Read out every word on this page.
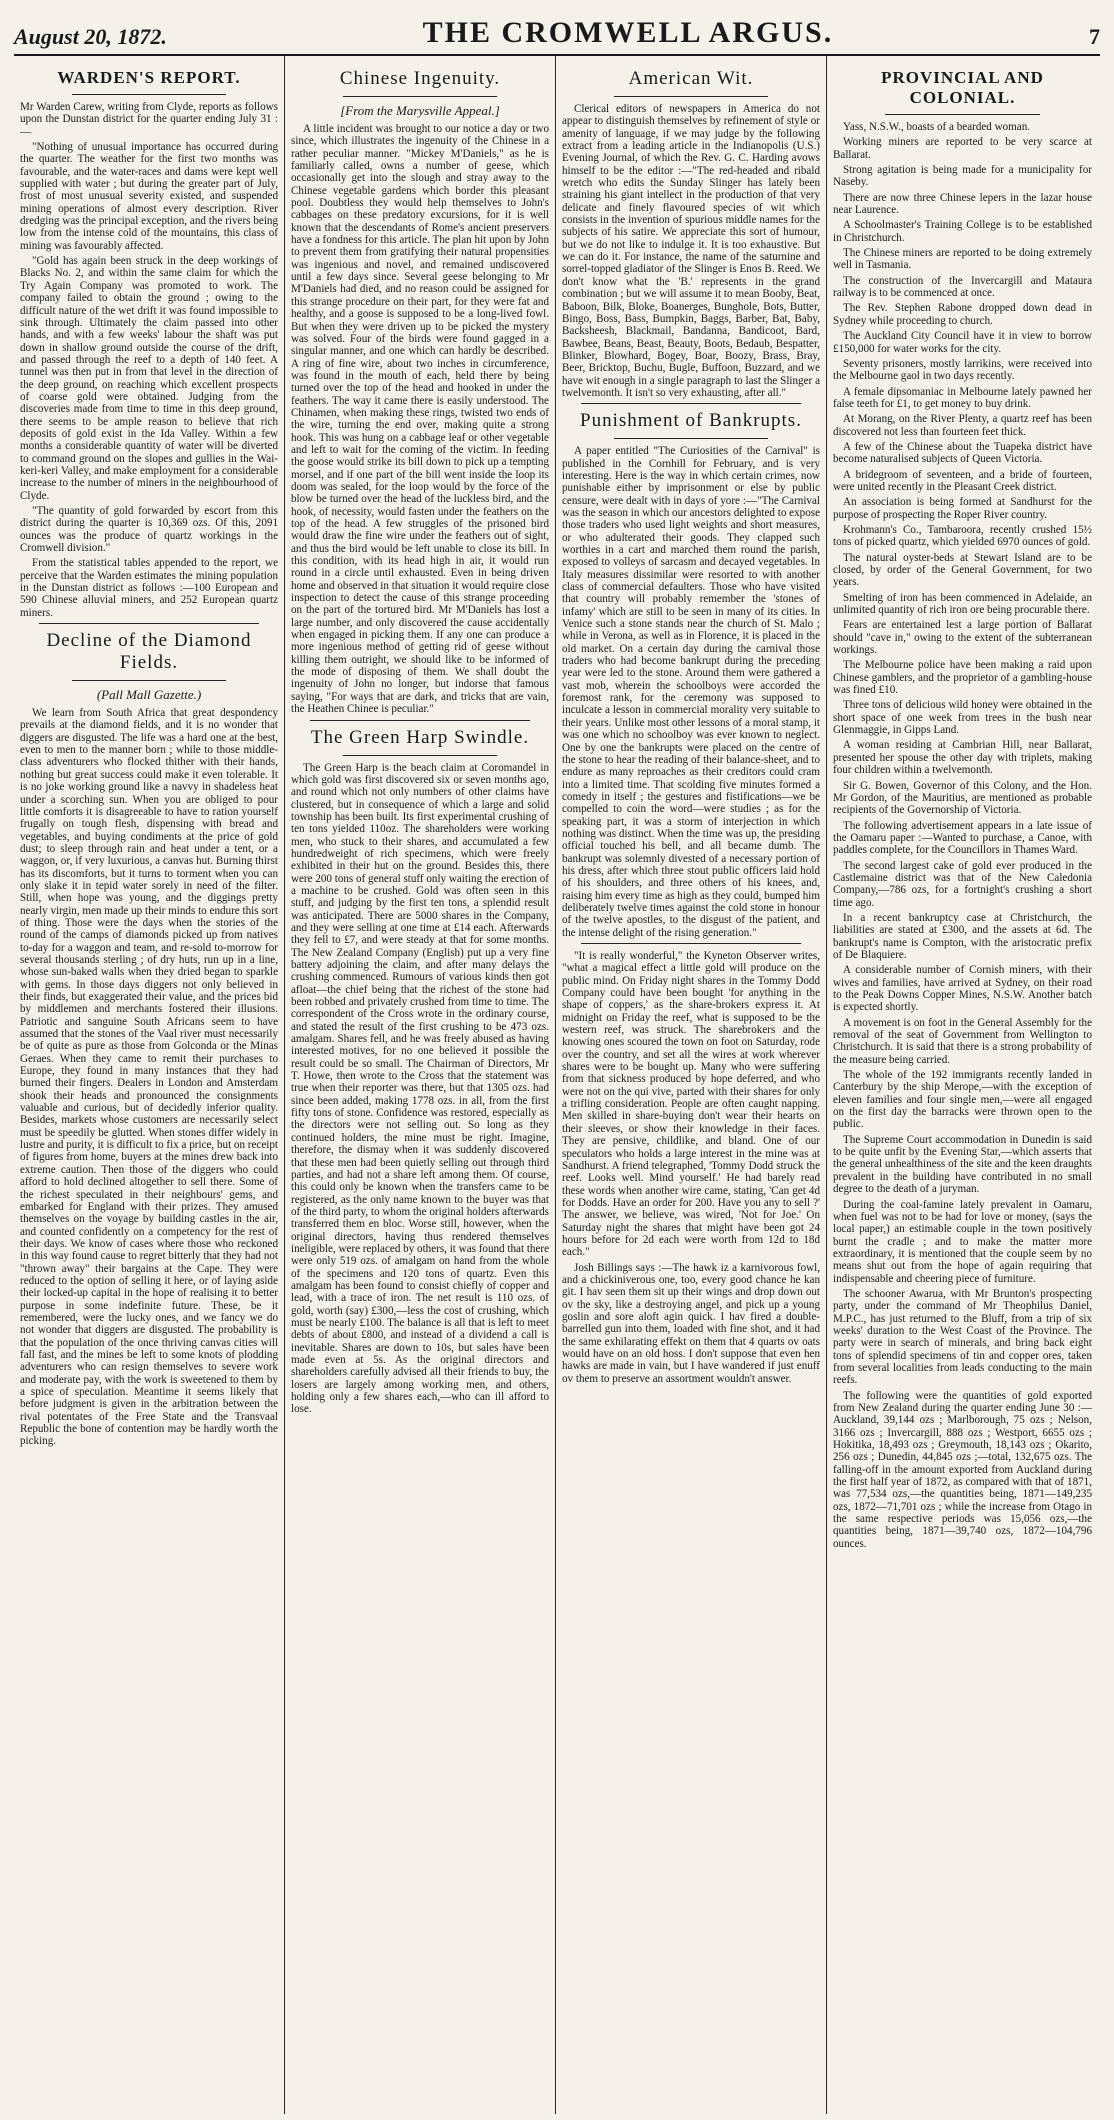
August 20, 1872.	THE CROMWELL ARGUS.	7
WARDEN'S REPORT.

Mr Warden Carew, writing from Clyde, reports as follows upon the Dunstan district for the quarter ending July 31 :—

"Nothing of unusual importance has occurred during the quarter. The weather for the first two months was favourable, and the water-races and dams were kept well supplied with water ; but during the greater part of July, frost of most unusual severity existed, and suspended mining operations of almost every description. River dredging was the principal exception, and the rivers being low from the intense cold of the mountains, this class of mining was favourably affected.

"Gold has again been struck in the deep workings of Blacks No. 2, and within the same claim for which the Try Again Company was promoted to work. The company failed to obtain the ground ; owing to the difficult nature of the wet drift it was found impossible to sink through. Ultimately the claim passed into other hands, and with a few weeks' labour the shaft was put down in shallow ground outside the course of the drift, and passed through the reef to a depth of 140 feet. A tunnel was then put in from that level in the direction of the deep ground, on reaching which excellent prospects of coarse gold were obtained. Judging from the discoveries made from time to time in this deep ground, there seems to be ample reason to believe that rich deposits of gold exist in the Ida Valley. Within a few months a considerable quantity of water will be diverted to command ground on the slopes and gullies in the Wai-keri-keri Valley, and make employment for a considerable increase to the number of miners in the neighbourhood of Clyde.

"The quantity of gold forwarded by escort from this district during the quarter is 10,369 ozs. Of this, 2091 ounces was the produce of quartz workings in the Cromwell division."

From the statistical tables appended to the report, we perceive that the Warden estimates the mining population in the Dunstan district as follows :—100 European and 590 Chinese alluvial miners, and 252 European quartz miners.

Decline of the Diamond Fields.
(Pall Mall Gazette.)

We learn from South Africa that great despondency prevails at the diamond fields, and it is no wonder that diggers are disgusted. The life was a hard one at the best, even to men to the manner born ; while to those middle-class adventurers who flocked thither with their hands, nothing but great success could make it even tolerable. It is no joke working ground like a navvy in shadeless heat under a scorching sun. When you are obliged to pour little comforts it is disagreeable to have to ration yourself frugally on tough flesh, dispensing with bread and vegetables, and buying condiments at the price of gold dust; to sleep through rain and heat under a tent, or a waggon, or, if very luxurious, a canvas hut. Burning thirst has its discomforts, but it turns to torment when you can only slake it in tepid water sorely in need of the filter. Still, when hope was young, and the diggings pretty nearly virgin, men made up their minds to endure this sort of thing. Those were the days when the stories of the round of the camps of diamonds picked up from natives to-day for a waggon and team, and re-sold to-morrow for several thousands sterling ; of dry huts, run up in a line, whose sun-baked walls when they dried began to sparkle with gems. In those days diggers not only believed in their finds, but exaggerated their value, and the prices bid by middlemen and merchants fostered their illusions. Patriotic and sanguine South Africans seem to have assumed that the stones of the Vaal river must necessarily be of quite as pure as those from Golconda or the Minas Geraes. When they came to remit their purchases to Europe, they found in many instances that they had burned their fingers. Dealers in London and Amsterdam shook their heads and pronounced the consignments valuable and curious, but of decidedly inferior quality. Besides, markets whose customers are necessarily select must be speedily be glutted. When stones differ widely in lustre and purity, it is difficult to fix a price, but on receipt of figures from home, buyers at the mines drew back into extreme caution. Then those of the diggers who could afford to hold declined altogether to sell there. Some of the richest speculated in their neighbours' gems, and embarked for England with their prizes. They amused themselves on the voyage by building castles in the air, and counted confidently on a competency for the rest of their days. We know of cases where those who reckoned in this way found cause to regret bitterly that they had not "thrown away" their bargains at the Cape. They were reduced to the option of selling it here, or of laying aside their locked-up capital in the hope of realising it to better purpose in some indefinite future. These, be it remembered, were the lucky ones, and we fancy we do not wonder that diggers are disgusted. The probability is that the population of the once thriving canvas cities will fall fast, and the mines be left to some knots of plodding adventurers who can resign themselves to severe work and moderate pay, with the work is sweetened to them by a spice of speculation. Meantime it seems likely that before judgment is given in the arbitration between the rival potentates of the Free State and the Transvaal Republic the bone of contention may be hardly worth the picking.

Chinese Ingenuity.
[From the Marysville Appeal.]

A little incident was brought to our notice a day or two since, which illustrates the ingenuity of the Chinese in a rather peculiar manner. "Mickey M'Daniels," as he is familiarly called, owns a number of geese, which occasionally get into the slough and stray away to the Chinese vegetable gardens which border this pleasant pool. Doubtless they would help themselves to John's cabbages on these predatory excursions, for it is well known that the descendants of Rome's ancient preservers have a fondness for this article. The plan hit upon by John to prevent them from gratifying their natural propensities was ingenious and novel, and remained undiscovered until a few days since. Several geese belonging to Mr M'Daniels had died, and no reason could be assigned for this strange procedure on their part, for they were fat and healthy, and a goose is supposed to be a long-lived fowl. But when they were driven up to be picked the mystery was solved. Four of the birds were found gagged in a singular manner, and one which can hardly be described. A ring of fine wire, about two inches in circumference, was found in the mouth of each, held there by being turned over the top of the head and hooked in under the feathers. The way it came there is easily understood. The Chinamen, when making these rings, twisted two ends of the wire, turning the end over, making quite a strong hook. This was hung on a cabbage leaf or other vegetable and left to wait for the coming of the victim. In feeding the goose would strike its bill down to pick up a tempting morsel, and if one part of the bill went inside the loop its doom was sealed, for the loop would by the force of the blow be turned over the head of the luckless bird, and the hook, of necessity, would fasten under the feathers on the top of the head. A few struggles of the prisoned bird would draw the fine wire under the feathers out of sight, and thus the bird would be left unable to close its bill. In this condition, with its head high in air, it would run round in a circle until exhausted. Even in being driven home and observed in that situation it would require close inspection to detect the cause of this strange proceeding on the part of the tortured bird. Mr M'Daniels has lost a large number, and only discovered the cause accidentally when engaged in picking them. If any one can produce a more ingenious method of getting rid of geese without killing them outright, we should like to be informed of the mode of disposing of them. We shall doubt the ingenuity of John no longer, but indorse that famous saying, "For ways that are dark, and tricks that are vain, the Heathen Chinee is peculiar."

The Green Harp Swindle.

The Green Harp is the beach claim at Coromandel in which gold was first discovered six or seven months ago, and round which not only numbers of other claims have clustered, but in consequence of which a large and solid township has been built. Its first experimental crushing of ten tons yielded 110oz. The shareholders were working men, who stuck to their shares, and accumulated a few hundredweight of rich specimens, which were freely exhibited in their hut on the ground. Besides this, there were 200 tons of general stuff only waiting the erection of a machine to be crushed. Gold was often seen in this stuff, and judging by the first ten tons, a splendid result was anticipated. There are 5000 shares in the Company, and they were selling at one time at £14 each. Afterwards they fell to £7, and were steady at that for some months. The New Zealand Company (English) put up a very fine battery adjoining the claim, and after many delays the crushing commenced. Rumours of various kinds then got afloat—the chief being that the richest of the stone had been robbed and privately crushed from time to time. The correspondent of the Cross wrote in the ordinary course, and stated the result of the first crushing to be 473 ozs. amalgam. Shares fell, and he was freely abused as having interested motives, for no one believed it possible the result could be so small. The Chairman of Directors, Mr T. Howe, then wrote to the Cross that the statement was true when their reporter was there, but that 1305 ozs. had since been added, making 1778 ozs. in all, from the first fifty tons of stone. Confidence was restored, especially as the directors were not selling out. So long as they continued holders, the mine must be right. Imagine, therefore, the dismay when it was suddenly discovered that these men had been quietly selling out through third parties, and had not a share left among them. Of course, this could only be known when the transfers came to be registered, as the only name known to the buyer was that of the third party, to whom the original holders afterwards transferred them en bloc. Worse still, however, when the original directors, having thus rendered themselves ineligible, were replaced by others, it was found that there were only 519 ozs. of amalgam on hand from the whole of the specimens and 120 tons of quartz. Even this amalgam has been found to consist chiefly of copper and lead, with a trace of iron. The net result is 110 ozs. of gold, worth (say) £300,—less the cost of crushing, which must be nearly £100. The balance is all that is left to meet debts of about £800, and instead of a dividend a call is inevitable. Shares are down to 10s, but sales have been made even at 5s. As the original directors and shareholders carefully advised all their friends to buy, the losers are largely among working men, and others, holding only a few shares each,—who can ill afford to lose.

American Wit.

Clerical editors of newspapers in America do not appear to distinguish themselves by refinement of style or amenity of language, if we may judge by the following extract from a leading article in the Indianopolis (U.S.) Evening Journal, of which the Rev. G. C. Harding avows himself to be the editor :—"The red-headed and ribald wretch who edits the Sunday Slinger has lately been straining his giant intellect in the production of that very delicate and finely flavoured species of wit which consists in the invention of spurious middle names for the subjects of his satire. We appreciate this sort of humour, but we do not like to indulge it. It is too exhaustive. But we can do it. For instance, the name of the saturnine and sorrel-topped gladiator of the Slinger is Enos B. Reed. We don't know what the 'B.' represents in the grand combination ; but we will assume it to mean Booby, Beat, Baboon, Bilk, Bloke, Boanerges, Bunghole, Bots, Butter, Bingo, Boss, Bass, Bumpkin, Baggs, Barber, Bat, Baby, Backsheesh, Blackmail, Bandanna, Bandicoot, Bard, Bawbee, Beans, Beast, Beauty, Boots, Bedaub, Bespatter, Blinker, Blowhard, Bogey, Boar, Boozy, Brass, Bray, Beer, Bricktop, Buchu, Bugle, Buffoon, Buzzard, and we have wit enough in a single paragraph to last the Slinger a twelvemonth. It isn't so very exhausting, after all."

Punishment of Bankrupts.

A paper entitled "The Curiosities of the Carnival" is published in the Cornhill for February, and is very interesting. Here is the way in which certain crimes, now punishable either by imprisonment or else by public censure, were dealt with in days of yore :—"The Carnival was the season in which our ancestors delighted to expose those traders who used light weights and short measures, or who adulterated their goods. They clapped such worthies in a cart and marched them round the parish, exposed to volleys of sarcasm and decayed vegetables. In Italy measures dissimilar were resorted to with another class of commercial defaulters. Those who have visited that country will probably remember the 'stones of infamy' which are still to be seen in many of its cities. In Venice such a stone stands near the church of St. Malo ; while in Verona, as well as in Florence, it is placed in the old market. On a certain day during the carnival those traders who had become bankrupt during the preceding year were led to the stone. Around them were gathered a vast mob, wherein the schoolboys were accorded the foremost rank, for the ceremony was supposed to inculcate a lesson in commercial morality very suitable to their years. Unlike most other lessons of a moral stamp, it was one which no schoolboy was ever known to neglect. One by one the bankrupts were placed on the centre of the stone to hear the reading of their balance-sheet, and to endure as many reproaches as their creditors could cram into a limited time. That scolding five minutes formed a comedy in itself ; the gestures and fistifications—we be compelled to coin the word—were studies ; as for the speaking part, it was a storm of interjection in which nothing was distinct. When the time was up, the presiding official touched his bell, and all became dumb. The bankrupt was solemnly divested of a necessary portion of his dress, after which three stout public officers laid hold of his shoulders, and three others of his knees, and, raising him every time as high as they could, bumped him deliberately twelve times against the cold stone in honour of the twelve apostles, to the disgust of the patient, and the intense delight of the rising generation."

"It is really wonderful," the Kyneton Observer writes, "what a magical effect a little gold will produce on the public mind. On Friday night shares in the Tommy Dodd Company could have been bought 'for anything in the shape of coppers,' as the share-brokers express it. At midnight on Friday the reef, what is supposed to be the western reef, was struck. The sharebrokers and the knowing ones scoured the town on foot on Saturday, rode over the country, and set all the wires at work wherever shares were to be bought up. Many who were suffering from that sickness produced by hope deferred, and who were not on the qui vive, parted with their shares for only a trifling consideration. People are often caught napping. Men skilled in share-buying don't wear their hearts on their sleeves, or show their knowledge in their faces. They are pensive, childlike, and bland. One of our speculators who holds a large interest in the mine was at Sandhurst. A friend telegraphed, 'Tommy Dodd struck the reef. Looks well. Mind yourself.' He had barely read these words when another wire came, stating, 'Can get 4d for Dodds. Have an order for 200. Have you any to sell ?' The answer, we believe, was wired, 'Not for Joe.' On Saturday night the shares that might have been got 24 hours before for 2d each were worth from 12d to 18d each."

Josh Billings says :—The hawk iz a karnivorous fowl, and a chickiniverous one, too, every good chance he kan git. I hav seen them sit up their wings and drop down out ov the sky, like a destroying angel, and pick up a young goslin and sore aloft agin quick. I hav fired a double-barrelled gun into them, loaded with fine shot, and it had the same exhilarating effekt on them that 4 quarts ov oats would have on an old hoss. I don't suppose that even hen hawks are made in vain, but I have wandered if just enuff ov them to preserve an assortment wouldn't answer.

PROVINCIAL AND COLONIAL.

Yass, N.S.W., boasts of a bearded woman.

Working miners are reported to be very scarce at Ballarat.

Strong agitation is being made for a municipality for Naseby.

There are now three Chinese lepers in the lazar house near Laurence.

A Schoolmaster's Training College is to be established in Christchurch.

The Chinese miners are reported to be doing extremely well in Tasmania.

The construction of the Invercargill and Mataura railway is to be commenced at once.

The Rev. Stephen Rabone dropped down dead in Sydney while proceeding to church.

The Auckland City Council have it in view to borrow £150,000 for water works for the city.

Seventy prisoners, mostly larrikins, were received into the Melbourne gaol in two days recently.

A female dipsomaniac in Melbourne lately pawned her false teeth for £1, to get money to buy drink.

At Morang, on the River Plenty, a quartz reef has been discovered not less than fourteen feet thick.

A few of the Chinese about the Tuapeka district have become naturalised subjects of Queen Victoria.

A bridegroom of seventeen, and a bride of fourteen, were united recently in the Pleasant Creek district.

An association is being formed at Sandhurst for the purpose of prospecting the Roper River country.

Krohmann's Co., Tambaroora, recently crushed 15½ tons of picked quartz, which yielded 6970 ounces of gold.

The natural oyster-beds at Stewart Island are to be closed, by order of the General Government, for two years.

Smelting of iron has been commenced in Adelaide, an unlimited quantity of rich iron ore being procurable there.

Fears are entertained lest a large portion of Ballarat should "cave in," owing to the extent of the subterranean workings.

The Melbourne police have been making a raid upon Chinese gamblers, and the proprietor of a gambling-house was fined £10.

Three tons of delicious wild honey were obtained in the short space of one week from trees in the bush near Glenmaggie, in Gipps Land.

A woman residing at Cambrian Hill, near Ballarat, presented her spouse the other day with triplets, making four children within a twelvemonth.

Sir G. Bowen, Governor of this Colony, and the Hon. Mr Gordon, of the Mauritius, are mentioned as probable recipients of the Governorship of Victoria.

The following advertisement appears in a late issue of the Oamaru paper :—Wanted to purchase, a Canoe, with paddles complete, for the Councillors in Thames Ward.

The second largest cake of gold ever produced in the Castlemaine district was that of the New Caledonia Company,—786 ozs, for a fortnight's crushing a short time ago.

In a recent bankruptcy case at Christchurch, the liabilities are stated at £300, and the assets at 6d. The bankrupt's name is Compton, with the aristocratic prefix of De Blaquiere.

A considerable number of Cornish miners, with their wives and families, have arrived at Sydney, on their road to the Peak Downs Copper Mines, N.S.W. Another batch is expected shortly.

A movement is on foot in the General Assembly for the removal of the seat of Government from Wellington to Christchurch. It is said that there is a strong probability of the measure being carried.

The whole of the 192 immigrants recently landed in Canterbury by the ship Merope,—with the exception of eleven families and four single men,—were all engaged on the first day the barracks were thrown open to the public.

The Supreme Court accommodation in Dunedin is said to be quite unfit by the Evening Star,—which asserts that the general unhealthiness of the site and the keen draughts prevalent in the building have contributed in no small degree to the death of a juryman.

During the coal-famine lately prevalent in Oamaru, when fuel was not to be had for love or money, (says the local paper,) an estimable couple in the town positively burnt the cradle ; and to make the matter more extraordinary, it is mentioned that the couple seem by no means shut out from the hope of again requiring that indispensable and cheering piece of furniture.

The schooner Awarua, with Mr Brunton's prospecting party, under the command of Mr Theophilus Daniel, M.P.C., has just returned to the Bluff, from a trip of six weeks' duration to the West Coast of the Province. The party were in search of minerals, and bring back eight tons of splendid specimens of tin and copper ores, taken from several localities from leads conducting to the main reefs.

The following were the quantities of gold exported from New Zealand during the quarter ending June 30 :—Auckland, 39,144 ozs ; Marlborough, 75 ozs ; Nelson, 3166 ozs ; Invercargill, 888 ozs ; Westport, 6655 ozs ; Hokitika, 18,493 ozs ; Greymouth, 18,143 ozs ; Okarito, 256 ozs ; Dunedin, 44,845 ozs ;—total, 132,675 ozs. The falling-off in the amount exported from Auckland during the first half year of 1872, as compared with that of 1871, was 77,534 ozs,—the quantities being, 1871—149,235 ozs, 1872—71,701 ozs ; while the increase from Otago in the same respective periods was 15,056 ozs,—the quantities being, 1871—39,740 ozs, 1872—104,796 ounces.
